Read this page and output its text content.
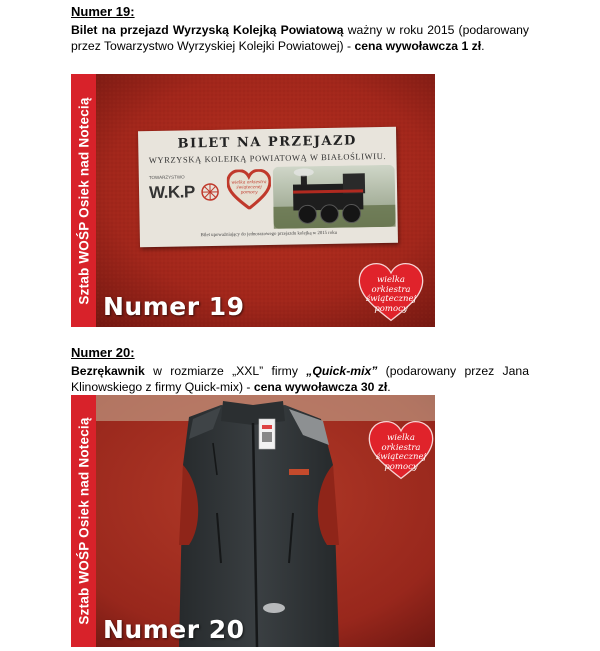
Numer 19:
Bilet na przejazd Wyrzyską Kolejką Powiatową ważny w roku 2015 (podarowany przez Towarzystwo Wyrzyskiej Kolejki Powiatowej) - cena wywoławcza 1 zł.
BILET NA PRZEJAZD
WYRZYSKĄ KOLEJKĄ POWIATOWĄ W BIAŁOŚLIWIU.
TOWARZYSTWO
W.K.P	wielka orkiestra
świątecznej
pomocy
Bilet upoważniający do jednorazowego przejazdu kolejką w 2015 roku
Sztab WOŚP Osiek nad Notecią
Numer 19
wielka orkiestra
świątecznej
pomocy
Numer 20:
Bezrękawnik w rozmiarze „XXL” firmy „Quick-mix” (podarowany przez Jana Klinowskiego z firmy Quick-mix) - cena wywoławcza 30 zł.
Sztab WOŚP Osiek nad Notecią
Numer 20
wielka orkiestra
świątecznej
pomocy
